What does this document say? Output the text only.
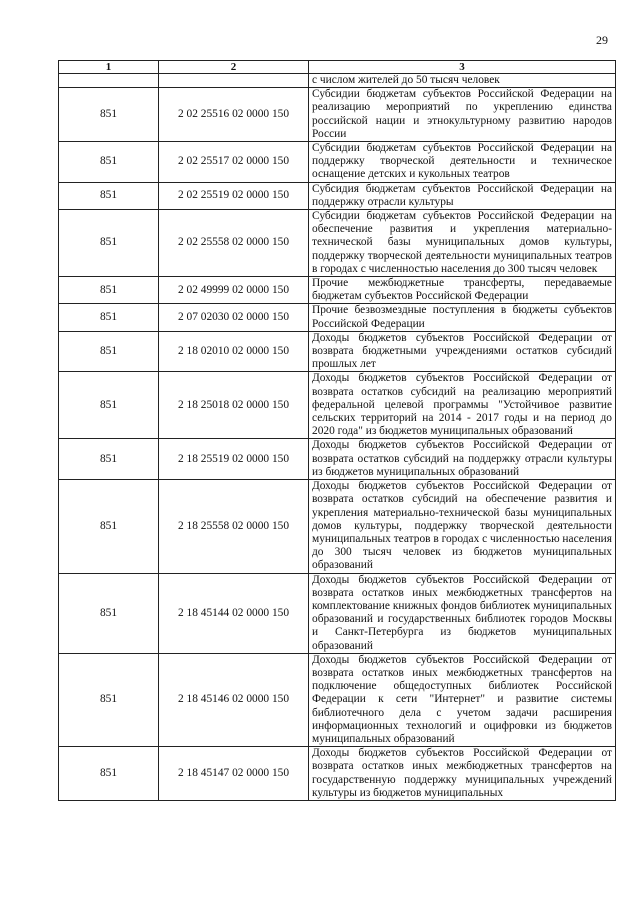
29
1	2	3
		с числом жителей до 50 тысяч человек
851	2 02 25516 02 0000 150	Субсидии бюджетам субъектов Российской Федерации на реализацию мероприятий по укреплению единства российской нации и этнокультурному развитию народов России
851	2 02 25517 02 0000 150	Субсидии бюджетам субъектов Российской Федерации на поддержку творческой деятельности и техническое оснащение детских и кукольных театров
851	2 02 25519 02 0000 150	Субсидия бюджетам субъектов Российской Федерации на поддержку отрасли культуры
851	2 02 25558 02 0000 150	Субсидии бюджетам субъектов Российской Федерации на обеспечение развития и укрепления материально-технической базы муниципальных домов культуры, поддержку творческой деятельности муниципальных театров в городах с численностью населения до 300 тысяч человек
851	2 02 49999 02 0000 150	Прочие межбюджетные трансферты, передаваемые бюджетам субъектов Российской Федерации
851	2 07 02030 02 0000 150	Прочие безвозмездные поступления в бюджеты субъектов Российской Федерации
851	2 18 02010 02 0000 150	Доходы бюджетов субъектов Российской Федерации от возврата бюджетными учреждениями остатков субсидий прошлых лет
851	2 18 25018 02 0000 150	Доходы бюджетов субъектов Российской Федерации от возврата остатков субсидий на реализацию мероприятий федеральной целевой программы "Устойчивое развитие сельских территорий на 2014 - 2017 годы и на период до 2020 года" из бюджетов муниципальных образований
851	2 18 25519 02 0000 150	Доходы бюджетов субъектов Российской Федерации от возврата остатков субсидий на поддержку отрасли культуры из бюджетов муниципальных образований
851	2 18 25558 02 0000 150	Доходы бюджетов субъектов Российской Федерации от возврата остатков субсидий на обеспечение развития и укрепления материально-технической базы муниципальных домов культуры, поддержку творческой деятельности муниципальных театров в городах с численностью населения до 300 тысяч человек из бюджетов муниципальных образований
851	2 18 45144 02 0000 150	Доходы бюджетов субъектов Российской Федерации от возврата остатков иных межбюджетных трансфертов на комплектование книжных фондов библиотек муниципальных образований и государственных библиотек городов Москвы и Санкт-Петербурга из бюджетов муниципальных образований
851	2 18 45146 02 0000 150	Доходы бюджетов субъектов Российской Федерации от возврата остатков иных межбюджетных трансфертов на подключение общедоступных библиотек Российской Федерации к сети "Интернет" и развитие системы библиотечного дела с учетом задачи расширения информационных технологий и оцифровки из бюджетов муниципальных образований
851	2 18 45147 02 0000 150	Доходы бюджетов субъектов Российской Федерации от возврата остатков иных межбюджетных трансфертов на государственную поддержку муниципальных учреждений культуры из бюджетов муниципальных
